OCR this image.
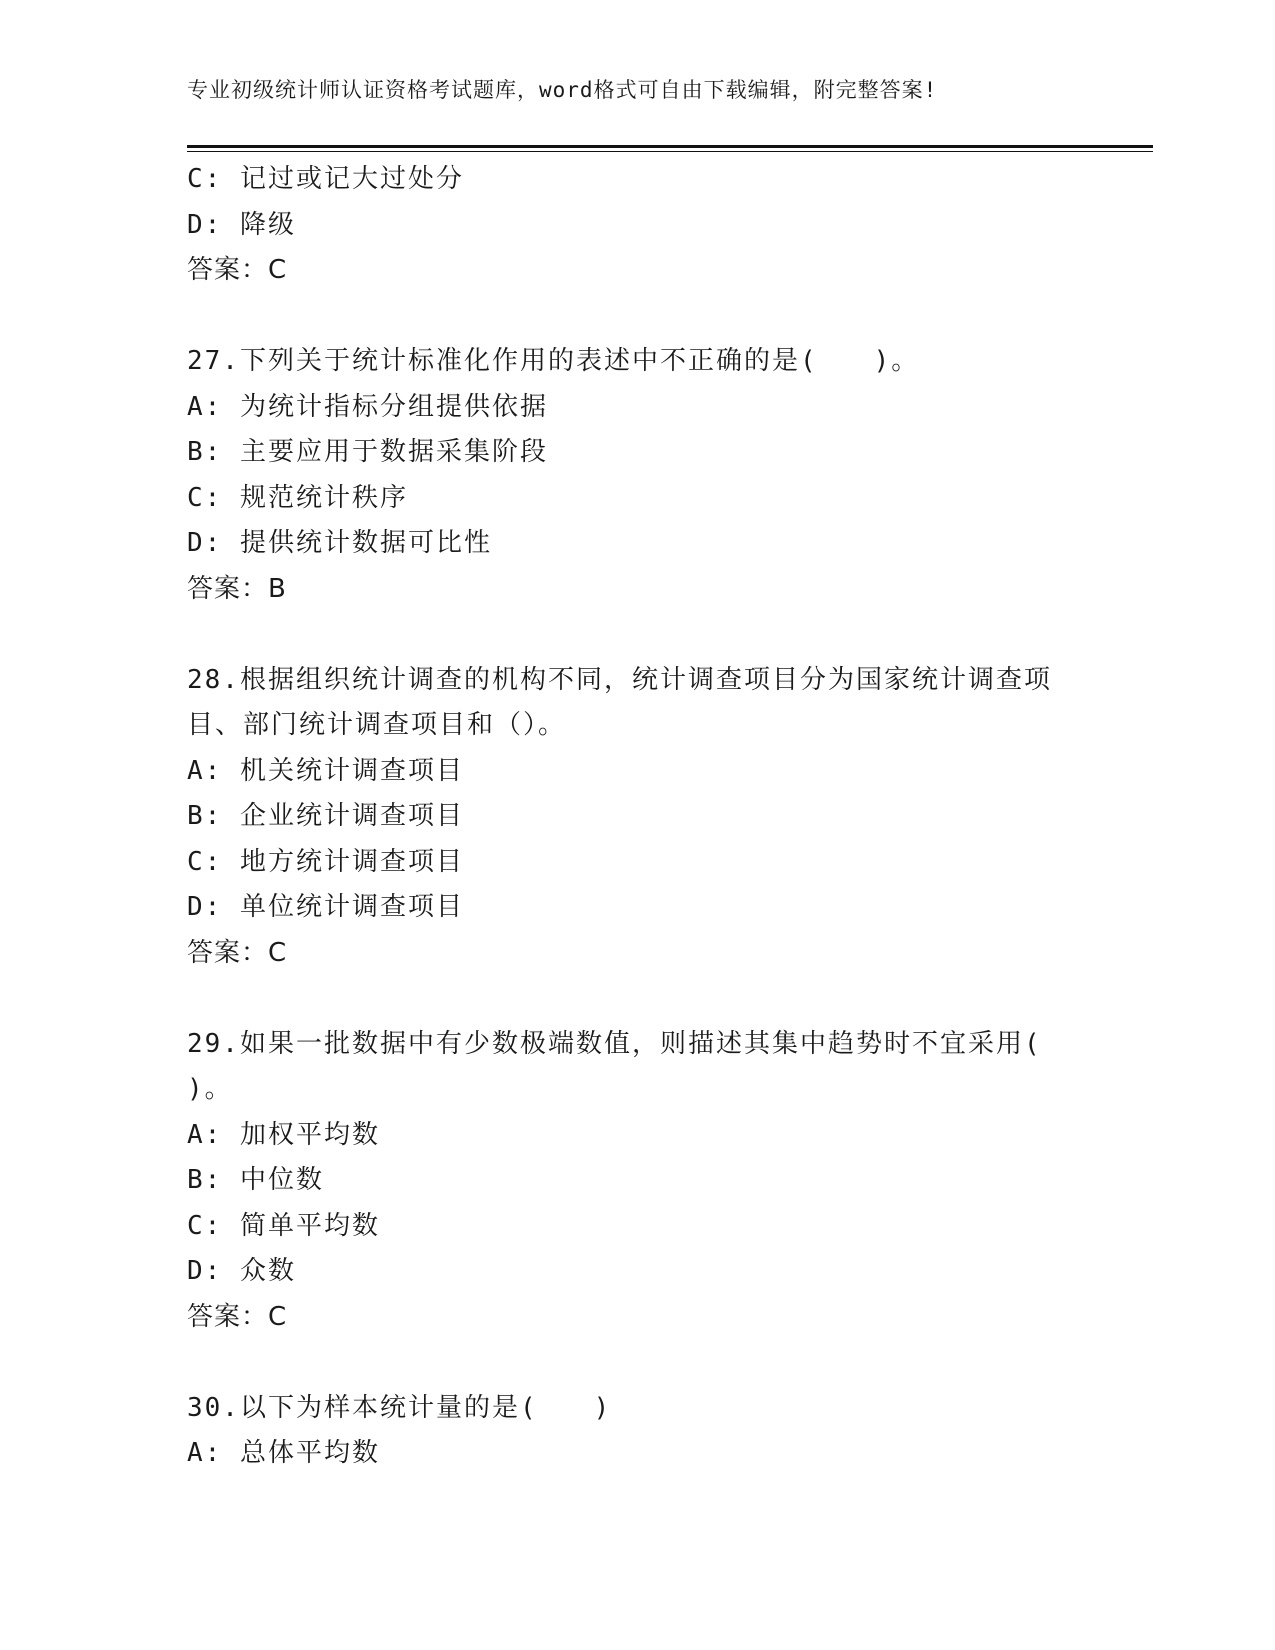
专业初级统计师认证资格考试题库，word格式可自由下载编辑，附完整答案!
C: 记过或记大过处分
D: 降级
答案：C
27.下列关于统计标准化作用的表述中不正确的是(　　)。
A: 为统计指标分组提供依据
B: 主要应用于数据采集阶段
C: 规范统计秩序
D: 提供统计数据可比性
答案：B
28.根据组织统计调查的机构不同，统计调查项目分为国家统计调查项
目、部门统计调查项目和（）。
A: 机关统计调查项目
B: 企业统计调查项目
C: 地方统计调查项目
D: 单位统计调查项目
答案：C
29.如果一批数据中有少数极端数值，则描述其集中趋势时不宜采用(
)。
A: 加权平均数
B: 中位数
C: 简单平均数
D: 众数
答案：C
30.以下为样本统计量的是(　　)
A: 总体平均数
